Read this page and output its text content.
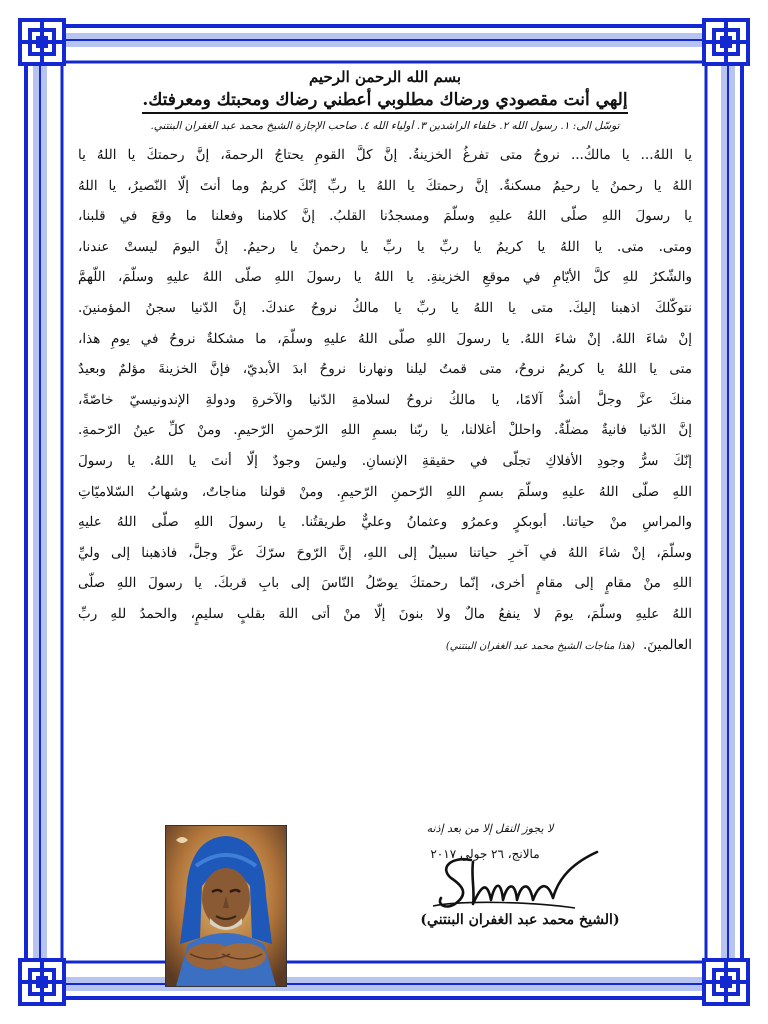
بسم الله الرحمن الرحيم
إلهي أنت مقصودي ورضاك مطلوبي أعطني رضاك ومحبتك ومعرفتك.
توسّل الى: ١. رسول الله ٢. خلفاء الراشدين ٣. أولياء الله ٤. صاحب الإجازة الشيخ محمد عبد الغفران البنتني.
يا اللهُ... يا مالكُ... نروحُ متى تفرغُ الخزينةُ. إنَّ كلَّ القومِ يحتاجُ الرحمةَ، إنَّ رحمتكَ يا اللهُ يا
اللهُ يا رحمنُ يا رحيمُ مسكنةٌ. إنَّ رحمتكَ يا اللهُ يا ربِّ إنّكَ كريمٌ وما أنتَ إلّا النّصيرُ، يا اللهُ
يا رسولَ اللهِ صلّى اللهُ عليهِ وسلّمَ ومسجدُنا القلبُ. إنَّ كلامنا وفعلنا ما وقعَ في قلبنا،
ومتى. متى. يا اللهُ يا كريمُ يا ربِّ يا ربِّ يا رحمنُ يا رحيمُ. إنَّ اليومَ ليستْ عندنا،
والشّكرُ للهِ كلَّ الأيّامِ في موقعِ الخزينةِ. يا اللهُ يا رسولَ اللهِ صلّى اللهُ عليهِ وسلّمَ، اللّهمَّ
نتوكّلكَ اذهبنا إليكَ. متى يا اللهُ يا ربِّ يا مالكُ نروحُ عندكَ. إنَّ الدّنيا سجنُ المؤمنينَ.
إنْ شاءَ اللهُ. إنْ شاءَ اللهُ. يا رسولَ اللهِ صلّى اللهُ عليهِ وسلّمَ، ما مشكلةٌ نروحُ في يومِ هذا،
متى يا اللهُ يا كريمُ نروحُ، متى قمتُ ليلنا ونهارنا نروحُ ابدَ الأبديّ، فإنَّ الخزينةَ مؤلمٌ وبعيدٌ
منكَ عزَّ وجلَّ أشدُّ آلامًا، يا مالكُ نروحُ لسلامةِ الدّنيا والآخرةِ ودولةِ الإندونيسيّ خاصّةً،
إنَّ الدّنيا فانيةٌ مضلّةٌ. واحللْ أغلالنا، يا ربّنا بسمِ اللهِ الرّحمنِ الرّحيمِ. ومنْ كلِّ عينُ الرّحمةِ.
إنّكَ سرُّ وجودِ الأفلاكِ تجلّى في حقيقةِ الإنسانِ. وليسَ وجودٌ إلّا أنتَ يا اللهُ. يا رسولَ
اللهِ صلّى اللهُ عليهِ وسلّمَ بسمِ اللهِ الرّحمنِ الرّحيمِ. ومنْ قولنا مناجاتٌ، وشهابُ السّلاميّاتِ
والمراسِ منْ حياتنا. أبوبكرٍ وعمرُو وعثمانُ وعليٌّ طريقتُنا. يا رسولَ اللهِ صلّى اللهُ عليهِ
وسلّمَ، إنْ شاءَ اللهُ في آخرِ حياتنا سبيلٌ إلى اللهِ، إنَّ الرّوحَ سرّكَ عزَّ وجلَّ، فاذهبنا إلى وليِّ
اللهِ منْ مقامٍ إلى مقامٍ أخرى، إنّما رحمتكَ يوصّلُ النّاسَ إلى بابِ قربكَ. يا رسولَ اللهِ صلّى
اللهُ عليهِ وسلّمَ، يومَ لا ينفعُ مالٌ ولا بنونَ إلّا منْ أتى اللهَ بقلبٍ سليمٍ، والحمدُ للهِ ربِّ
العالمينَ.(هذا مناجات الشيخ محمد عبد الغفران البنتني)
لا يجوز النقل إلا من بعد إذنه
مالانج، ٢٦ جولي ٢٠١٧
(الشيخ محمد عبد الغفران البنتني)
